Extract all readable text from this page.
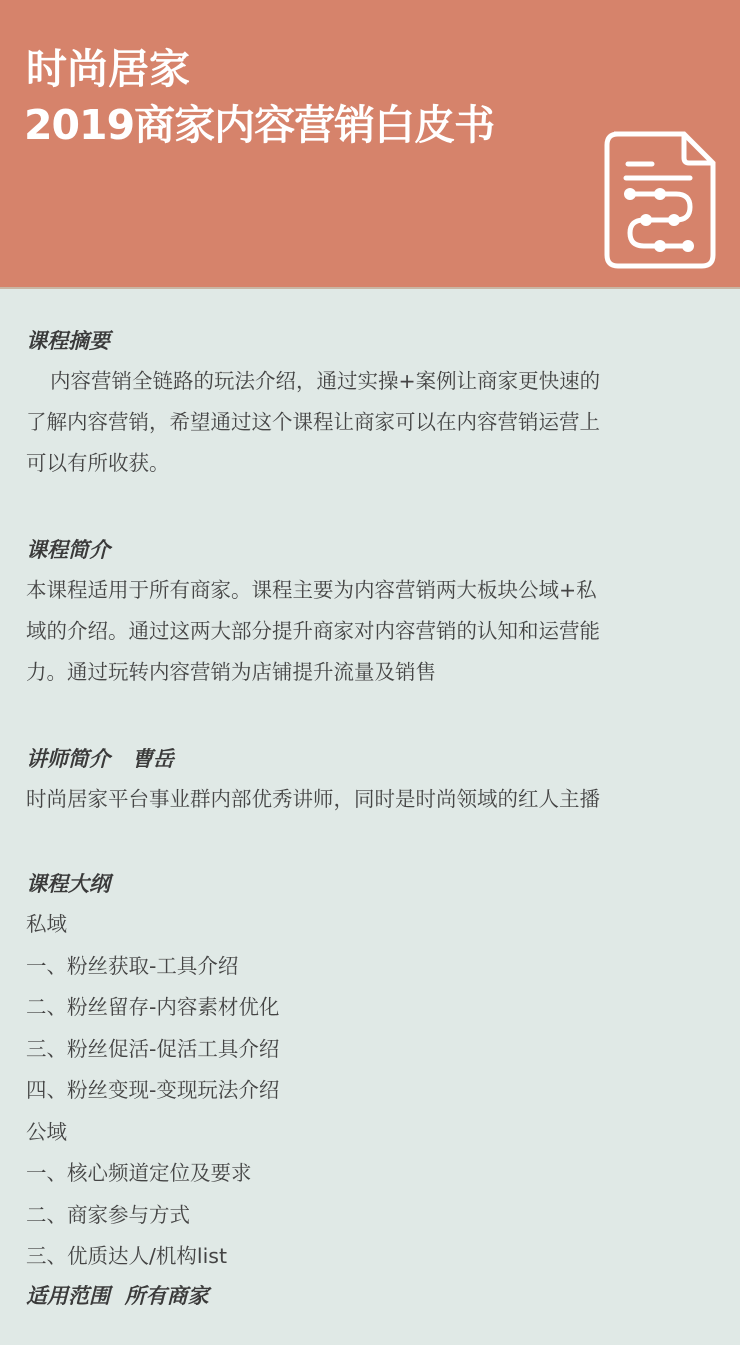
时尚居家
2019商家内容营销白皮书
课程摘要
内容营销全链路的玩法介绍，通过实操+案例让商家更快速的
了解内容营销，希望通过这个课程让商家可以在内容营销运营上
可以有所收获。
课程简介
本课程适用于所有商家。课程主要为内容营销两大板块公域+私
域的介绍。通过这两大部分提升商家对内容营销的认知和运营能
力。通过玩转内容营销为店铺提升流量及销售
讲师简介   曹岳
时尚居家平台事业群内部优秀讲师，同时是时尚领域的红人主播
课程大纲
私域
一、粉丝获取-工具介绍
二、粉丝留存-内容素材优化
三、粉丝促活-促活工具介绍
四、粉丝变现-变现玩法介绍
公域
一、核心频道定位及要求
二、商家参与方式
三、优质达人/机构list
适用范围  所有商家
